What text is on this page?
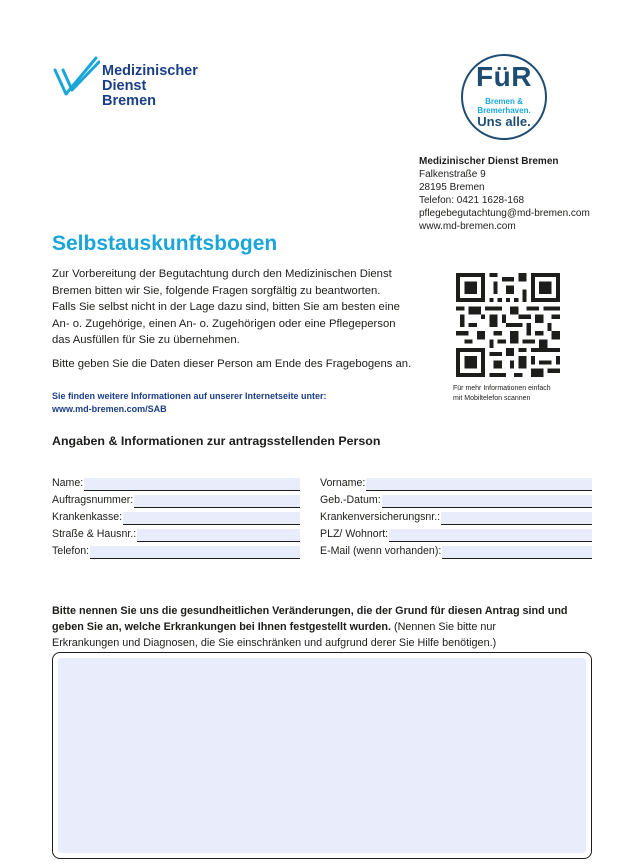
Medizinischer Dienst
Bremen
FüR
Bremen &
Bremerhaven.
Uns alle.
Medizinischer Dienst Bremen
Falkenstraße 9
28195 Bremen
Telefon: 0421 1628-168
pflegebegutachtung@md-bremen.com
www.md-bremen.com
Selbstauskunftsbogen
Zur Vorbereitung der Begutachtung durch den Medizinischen Dienst
Bremen bitten wir Sie, folgende Fragen sorgfältig zu beantworten.
Falls Sie selbst nicht in der Lage dazu sind, bitten Sie am besten eine
An- o. Zugehörige, einen An- o. Zugehörigen oder eine Pflegeperson
das Ausfüllen für Sie zu übernehmen.
Bitte geben Sie die Daten dieser Person am Ende des Fragebogens an.
Für mehr Informationen einfach
mit Mobiltelefon scannen
Sie finden weitere Informationen auf unserer Internetseite unter:
www.md-bremen.com/SAB
Angaben & Informationen zur antragsstellenden Person
Name:
Auftragsnummer:
Krankenkasse:
Straße & Hausnr.:
Telefon:
Vorname:
Geb.-Datum:
Krankenversicherungsnr.:
PLZ/ Wohnort:
E-Mail (wenn vorhanden):
Bitte nennen Sie uns die gesundheitlichen Veränderungen, die der Grund für diesen Antrag sind und
geben Sie an, welche Erkrankungen bei Ihnen festgestellt wurden. (Nennen Sie bitte nur
Erkrankungen und Diagnosen, die Sie einschränken und aufgrund derer Sie Hilfe benötigen.)
